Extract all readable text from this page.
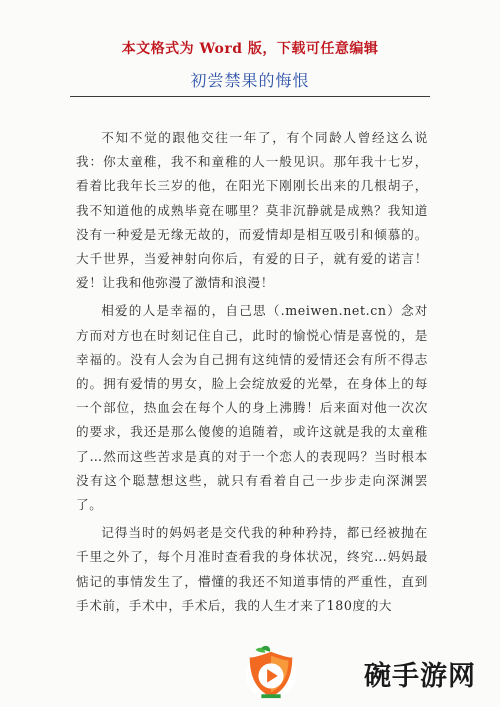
本文格式为 Word 版，下载可任意编辑
初尝禁果的悔恨

不知不觉的跟他交往一年了，有个同龄人曾经这么说我：你太童稚，我不和童稚的人一般见识。那年我十七岁，看着比我年长三岁的他，在阳光下刚刚长出来的几根胡子，我不知道他的成熟毕竟在哪里？莫非沉静就是成熟？我知道没有一种爱是无缘无故的，而爱情却是相互吸引和倾慕的。大千世界，当爱神射向你后，有爱的日子，就有爱的诺言！爱！让我和他弥漫了激情和浪漫！

相爱的人是幸福的，自己思（.meiwen.net.cn）念对方而对方也在时刻记住自己，此时的愉悦心情是喜悦的，是幸福的。没有人会为自己拥有这纯情的爱情还会有所不得志的。拥有爱情的男女，脸上会绽放爱的光晕，在身体上的每一个部位，热血会在每个人的身上沸腾！后来面对他一次次的要求，我还是那么傻傻的追随着，或许这就是我的太童稚了…然而这些苦求是真的对于一个恋人的表现吗？当时根本没有这个聪慧想这些，就只有看着自己一步步走向深渊罢了。

记得当时的妈妈老是交代我的种种矜持，都已经被抛在千里之外了，每个月准时查看我的身体状况，终究…妈妈最惦记的事情发生了，懵懂的我还不知道事情的严重性，直到手术前，手术中，手术后，我的人生才来了180度的大

碗手游网
